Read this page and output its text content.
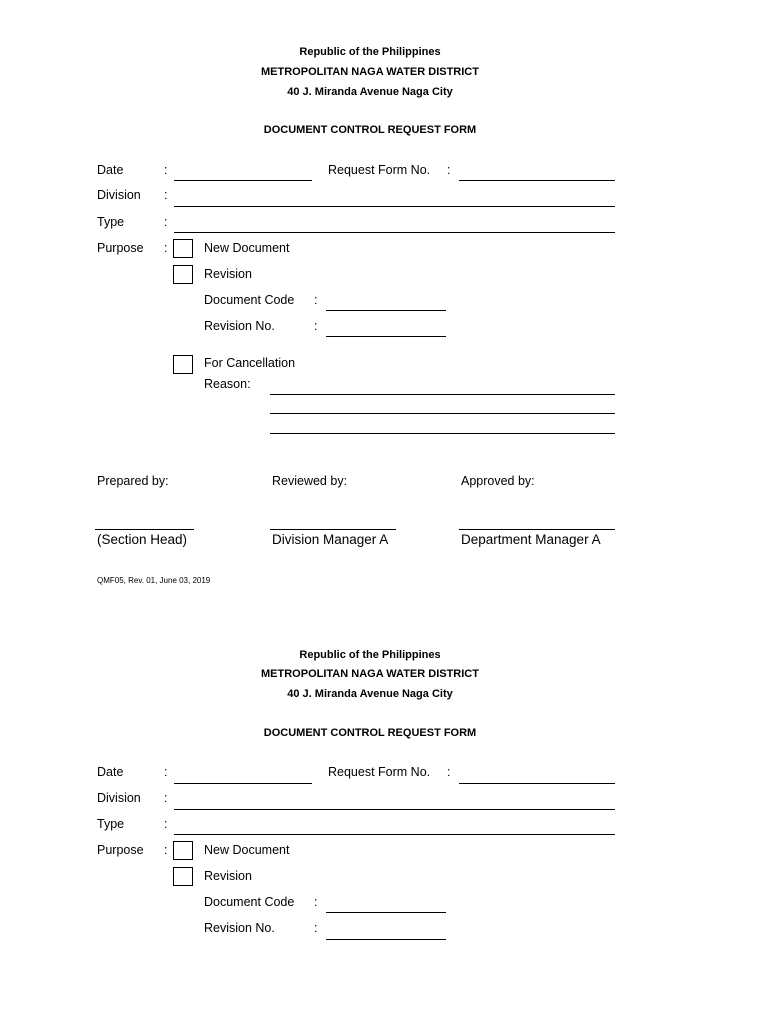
Republic of the Philippines
METROPOLITAN NAGA WATER DISTRICT
40 J. Miranda Avenue Naga City
DOCUMENT CONTROL REQUEST FORM
Date	:	Request Form No. :
Division :
Type	:
Purpose :	New Document
Revision
Document Code :
Revision No.	:
For Cancellation
Reason:
Prepared by:	Reviewed by:	Approved by:
(Section Head)	Division Manager A	Department Manager A
QMF05, Rev. 01, June 03, 2019
Republic of the Philippines
METROPOLITAN NAGA WATER DISTRICT
40 J. Miranda Avenue Naga City
DOCUMENT CONTROL REQUEST FORM
Date	:	Request Form No. :
Division :
Type	:
Purpose :	New Document
Revision
Document Code :
Revision No.	:
